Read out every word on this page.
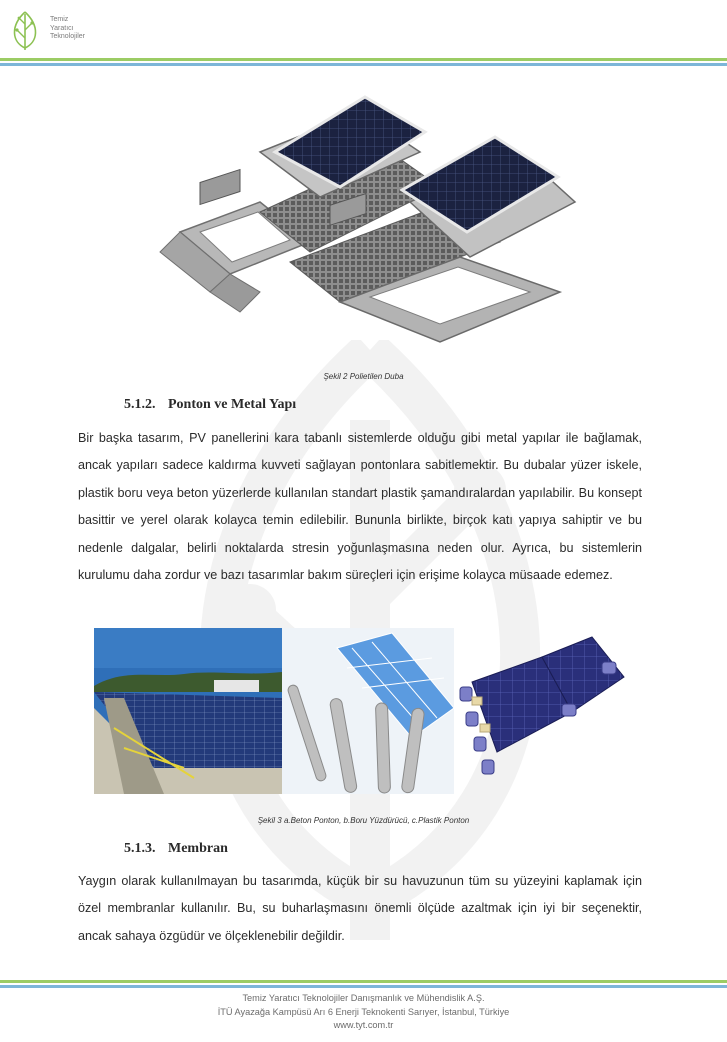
Temiz
Yaratıcı
Teknolojiler
Şekil 2 Polietilen Duba
5.1.2. Ponton ve Metal Yapı

Bir başka tasarım, PV panellerini kara tabanlı sistemlerde olduğu gibi metal yapılar ile bağlamak, ancak yapıları sadece kaldırma kuvveti sağlayan pontonlara sabitlemektir. Bu dubalar yüzer iskele, plastik boru veya beton yüzerlerde kullanılan standart plastik şamandıralardan yapılabilir. Bu konsept basittir ve yerel olarak kolayca temin edilebilir. Bununla birlikte, birçok katı yapıya sahiptir ve bu nedenle dalgalar, belirli noktalarda stresin yoğunlaşmasına neden olur. Ayrıca, bu sistemlerin kurulumu daha zordur ve bazı tasarımlar bakım süreçleri için erişime kolayca müsaade edemez.

Şekil 3 a.Beton Ponton, b.Boru Yüzdürücü, c.Plastik Ponton
5.1.3. Membran

Yaygın olarak kullanılmayan bu tasarımda, küçük bir su havuzunun tüm su yüzeyini kaplamak için özel membranlar kullanılır. Bu, su buharlaşmasını önemli ölçüde azaltmak için iyi bir seçenektir, ancak sahaya özgüdür ve ölçeklenebilir değildir.

Temiz Yaratıcı Teknolojiler Danışmanlık ve Mühendislik A.Ş.
İTÜ Ayazağa Kampüsü Arı 6 Enerji Teknokenti Sarıyer, İstanbul, Türkiye
www.tyt.com.tr
